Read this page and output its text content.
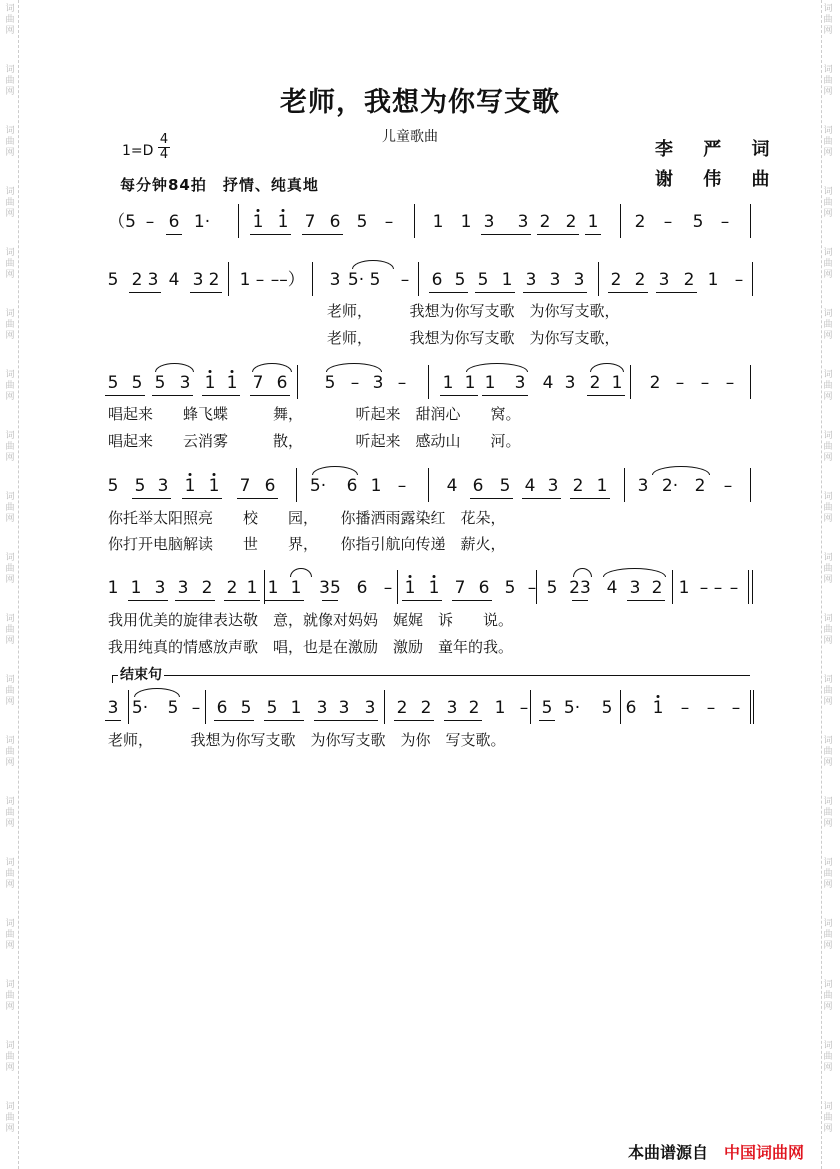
词
曲
网
词
曲
网
词
曲
网
词
曲
网
词
曲
网
词
曲
网
词
曲
网
词
曲
网
词
曲
网
词
曲
网
词
曲
网
词
曲
网
词
曲
网
词
曲
网
词
曲
网
词
曲
网
词
曲
网
词
曲
网
词
曲
网
词
曲
网
词
曲
网
词
曲
网
词
曲
网
词
曲
网
词
曲
网
词
曲
网
词
曲
网
词
曲
网
词
曲
网
词
曲
网
词
曲
网
词
曲
网
词
曲
网
词
曲
网
词
曲
网
词
曲
网
词
曲
网
词
曲
网
老师，我想为你写支歌
儿童歌曲
$1=D \frac{4}{4}$
每分钟84拍　抒情、纯真地
李 严 词
谢 伟 曲
（5 – 6 1· 1 1 7 6 5 – 1 1 3 3 2 2 1 2 – 5 –
5 2 3 4 3 2 1 – – –） 3 5· 5 – 6 5 5 1 3 3 3 2 2 3 2 1 –
5 5 5 3 1 1 7 6 5 – 3 – 1 1 1 3 4 3 2 1 2 – – –
5 5 3 1 1 7 6 5· 6 1 – 4 6 5 4 3 2 1 3 2· 2 –
1 1 3 3 2 2 1 1 1 35 6 – 1 1 7 6 5 – 5 23 4 3 2 1 – – –
3 5· 5 – 6 5 5 1 3 3 3 2 2 3 2 1 – 5 5· 5 6 1 – – –
老师，　　　我想为你写支歌　为你写支歌，
老师，　　　我想为你写支歌　为你写支歌，
唱起来　　蜂飞蝶　　　舞，　　　　听起来　甜润心　　窝。
唱起来　　云消雾　　　散，　　　　听起来　感动山　　河。
你托举太阳照亮　　校　　园，　　你播洒雨露染红　花朵，
你打开电脑解读　　世　　界，　　你指引航向传递　薪火，
我用优美的旋律表达敬　意，就像对妈妈　娓娓　诉　　说。
我用纯真的情感放声歌　唱，也是在激励　激励　童年的我。
老师，　　　我想为你写支歌　为你写支歌　为你　写支歌。
结束句
本曲谱源自 中国词曲网
